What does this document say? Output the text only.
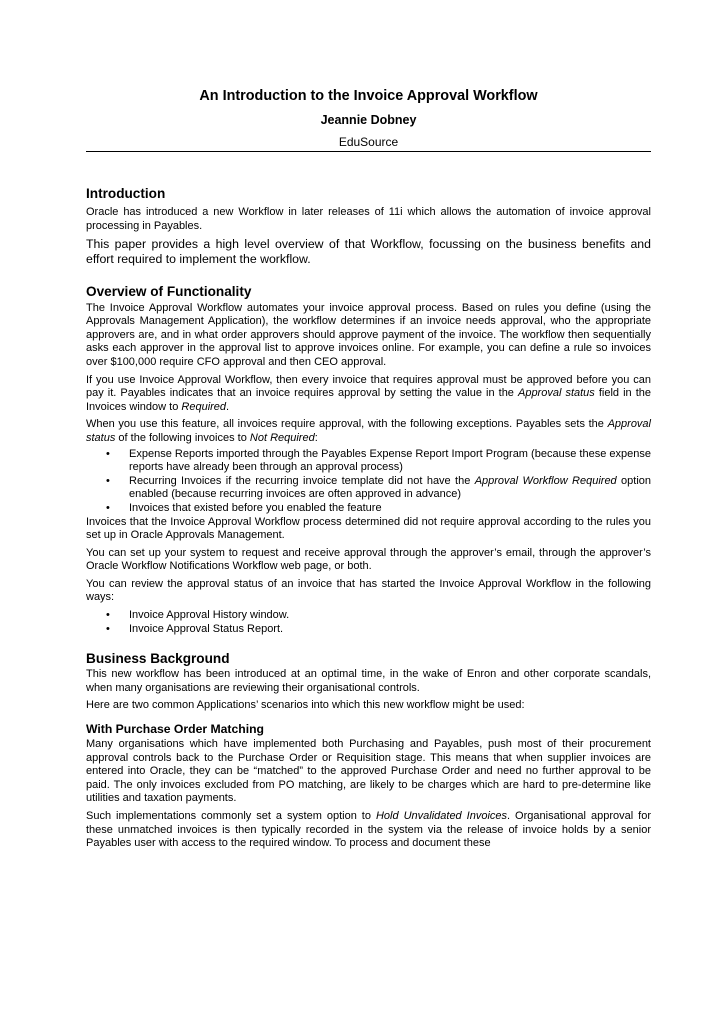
An Introduction to the Invoice Approval Workflow
Jeannie Dobney
EduSource
Introduction

Oracle has introduced a new Workflow in later releases of 11i which allows the automation of invoice approval processing in Payables.

This paper provides a high level overview of that Workflow, focussing on the business benefits and effort required to implement the workflow.

Overview of Functionality

The Invoice Approval Workflow automates your invoice approval process. Based on rules you define (using the Approvals Management Application), the workflow determines if an invoice needs approval, who the appropriate approvers are, and in what order approvers should approve payment of the invoice. The workflow then sequentially asks each approver in the approval list to approve invoices online. For example, you can define a rule so invoices over $100,000 require CFO approval and then CEO approval.

If you use Invoice Approval Workflow, then every invoice that requires approval must be approved before you can pay it. Payables indicates that an invoice requires approval by setting the value in the Approval status field in the Invoices window to Required.

When you use this feature, all invoices require approval, with the following exceptions. Payables sets the Approval status of the following invoices to Not Required:

• Expense Reports imported through the Payables Expense Report Import Program (because these expense reports have already been through an approval process)
• Recurring Invoices if the recurring invoice template did not have the Approval Workflow Required option enabled (because recurring invoices are often approved in advance)
• Invoices that existed before you enabled the feature

Invoices that the Invoice Approval Workflow process determined did not require approval according to the rules you set up in Oracle Approvals Management.

You can set up your system to request and receive approval through the approver’s email, through the approver’s Oracle Workflow Notifications Workflow web page, or both.

You can review the approval status of an invoice that has started the Invoice Approval Workflow in the following ways:

• Invoice Approval History window.
• Invoice Approval Status Report.
Business Background

This new workflow has been introduced at an optimal time, in the wake of Enron and other corporate scandals, when many organisations are reviewing their organisational controls.

Here are two common Applications’ scenarios into which this new workflow might be used:

With Purchase Order Matching

Many organisations which have implemented both Purchasing and Payables, push most of their procurement approval controls back to the Purchase Order or Requisition stage. This means that when supplier invoices are entered into Oracle, they can be “matched” to the approved Purchase Order and need no further approval to be paid. The only invoices excluded from PO matching, are likely to be charges which are hard to pre-determine like utilities and taxation payments.

Such implementations commonly set a system option to Hold Unvalidated Invoices. Organisational approval for these unmatched invoices is then typically recorded in the system via the release of invoice holds by a senior Payables user with access to the required window. To process and document these
